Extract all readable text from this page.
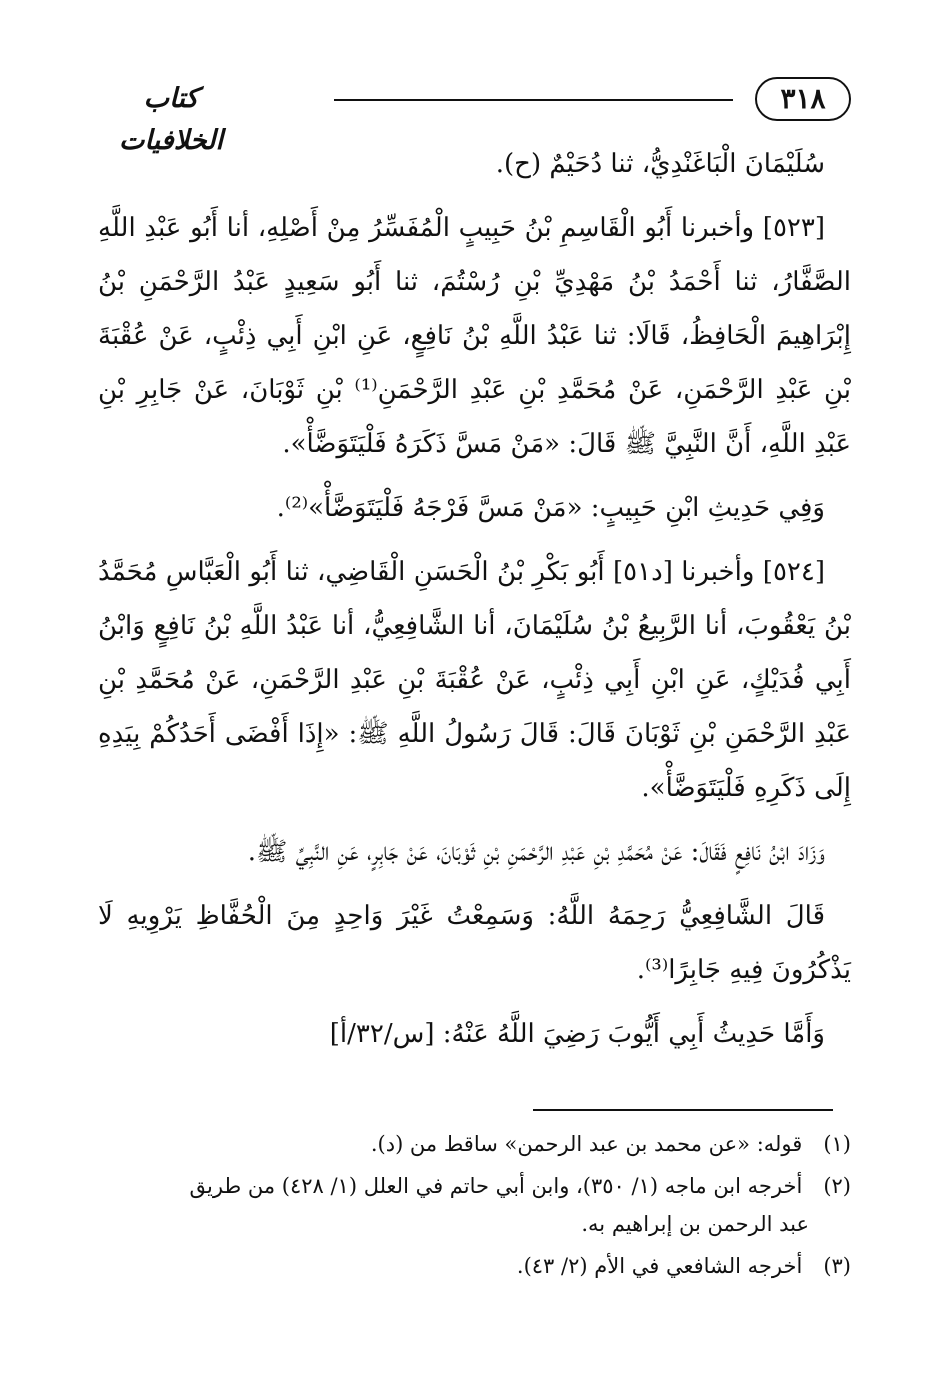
٣١٨
كتاب الخلافيات

سُلَيْمَانَ الْبَاغَنْدِيُّ، ثنا دُحَيْمٌ (ح).

[٥٢٣] وأخبرنا أَبُو الْقَاسِمِ بْنُ حَبِيبٍ الْمُفَسِّرُ مِنْ أَصْلِهِ، أنا أَبُو عَبْدِ اللَّهِ الصَّفَّارُ، ثنا أَحْمَدُ بْنُ مَهْدِيِّ بْنِ رُسْتُمَ، ثنا أَبُو سَعِيدٍ عَبْدُ الرَّحْمَنِ بْنُ إِبْرَاهِيمَ الْحَافِظُ، قَالَا: ثنا عَبْدُ اللَّهِ بْنُ نَافِعٍ، عَنِ ابْنِ أَبِي ذِئْبٍ، عَنْ عُقْبَةَ بْنِ عَبْدِ الرَّحْمَنِ، عَنْ مُحَمَّدِ بْنِ عَبْدِ الرَّحْمَنِ⁽¹⁾ بْنِ ثَوْبَانَ، عَنْ جَابِرِ بْنِ عَبْدِ اللَّهِ، أَنَّ النَّبِيَّ ﷺ قَالَ: «مَنْ مَسَّ ذَكَرَهُ فَلْيَتَوَضَّأْ».

وَفِي حَدِيثِ ابْنِ حَبِيبٍ: «مَنْ مَسَّ فَرْجَهُ فَلْيَتَوَضَّأْ»⁽²⁾.

[٥٢٤] وأخبرنا [د٥١] أَبُو بَكْرِ بْنُ الْحَسَنِ الْقَاضِي، ثنا أَبُو الْعَبَّاسِ مُحَمَّدُ بْنُ يَعْقُوبَ، أنا الرَّبِيعُ بْنُ سُلَيْمَانَ، أنا الشَّافِعِيُّ، أنا عَبْدُ اللَّهِ بْنُ نَافِعٍ وَابْنُ أَبِي فُدَيْكٍ، عَنِ ابْنِ أَبِي ذِئْبٍ، عَنْ عُقْبَةَ بْنِ عَبْدِ الرَّحْمَنِ، عَنْ مُحَمَّدِ بْنِ عَبْدِ الرَّحْمَنِ بْنِ ثَوْبَانَ قَالَ: قَالَ رَسُولُ اللَّهِ ﷺ: «إِذَا أَفْضَى أَحَدُكُمْ بِيَدِهِ إِلَى ذَكَرِهِ فَلْيَتَوَضَّأْ».

وَزَادَ ابْنُ نَافِعٍ فَقَالَ: عَنْ مُحَمَّدِ بْنِ عَبْدِ الرَّحْمَنِ بْنِ ثَوْبَانَ، عَنْ جَابِرٍ، عَنِ النَّبِيِّ ﷺ.

قَالَ الشَّافِعِيُّ رَحِمَهُ اللَّهُ: وَسَمِعْتُ غَيْرَ وَاحِدٍ مِنَ الْحُفَّاظِ يَرْوِيهِ لَا يَذْكُرُونَ فِيهِ جَابِرًا⁽³⁾.

وَأَمَّا حَدِيثُ أَبِي أَيُّوبَ رَضِيَ اللَّهُ عَنْهُ: [س/٣٢/أ]

(١) قوله: «عن محمد بن عبد الرحمن» ساقط من (د).
(٢) أخرجه ابن ماجه (١/ ٣٥٠)، وابن أبي حاتم في العلل (١/ ٤٢٨) من طريق
عبد الرحمن بن إبراهيم به.
(٣) أخرجه الشافعي في الأم (٢/ ٤٣).
